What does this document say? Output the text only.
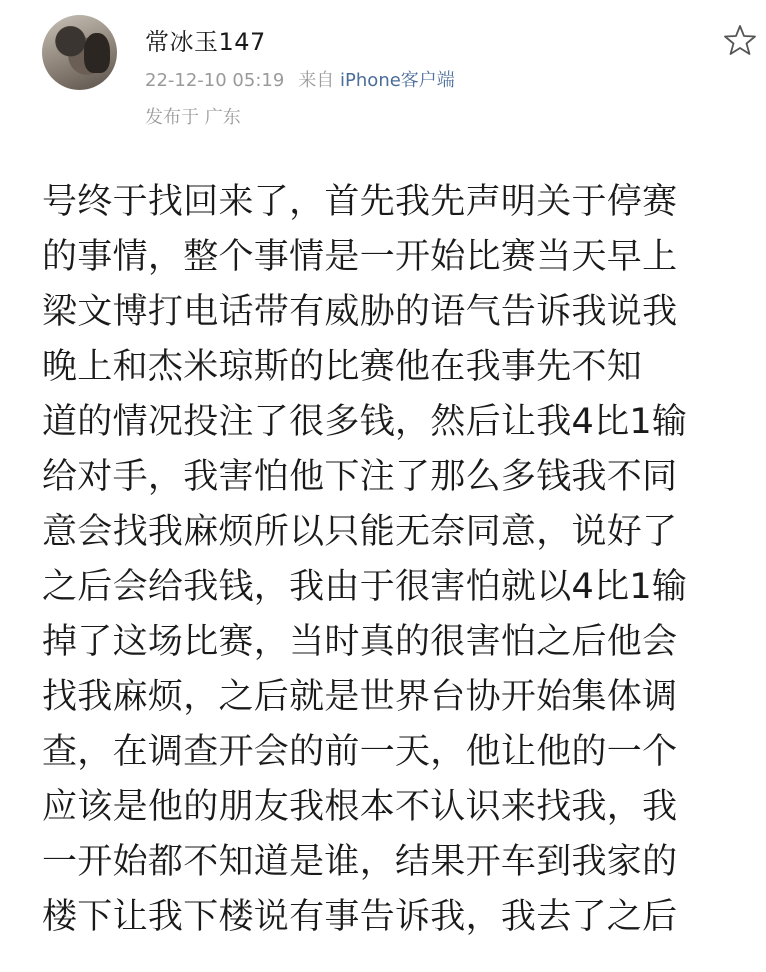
常冰玉147
22-12-10 05:19 来自 iPhone客户端
发布于 广东
号终于找回来了，首先我先声明关于停赛
的事情，整个事情是一开始比赛当天早上
梁文博打电话带有威胁的语气告诉我说我
晚上和杰米琼斯的比赛他在我事先不知
道的情况投注了很多钱，然后让我4比1输
给对手，我害怕他下注了那么多钱我不同
意会找我麻烦所以只能无奈同意，说好了
之后会给我钱，我由于很害怕就以4比1输
掉了这场比赛，当时真的很害怕之后他会
找我麻烦，之后就是世界台协开始集体调
查，在调查开会的前一天，他让他的一个
应该是他的朋友我根本不认识来找我，我
一开始都不知道是谁，结果开车到我家的
楼下让我下楼说有事告诉我，我去了之后
